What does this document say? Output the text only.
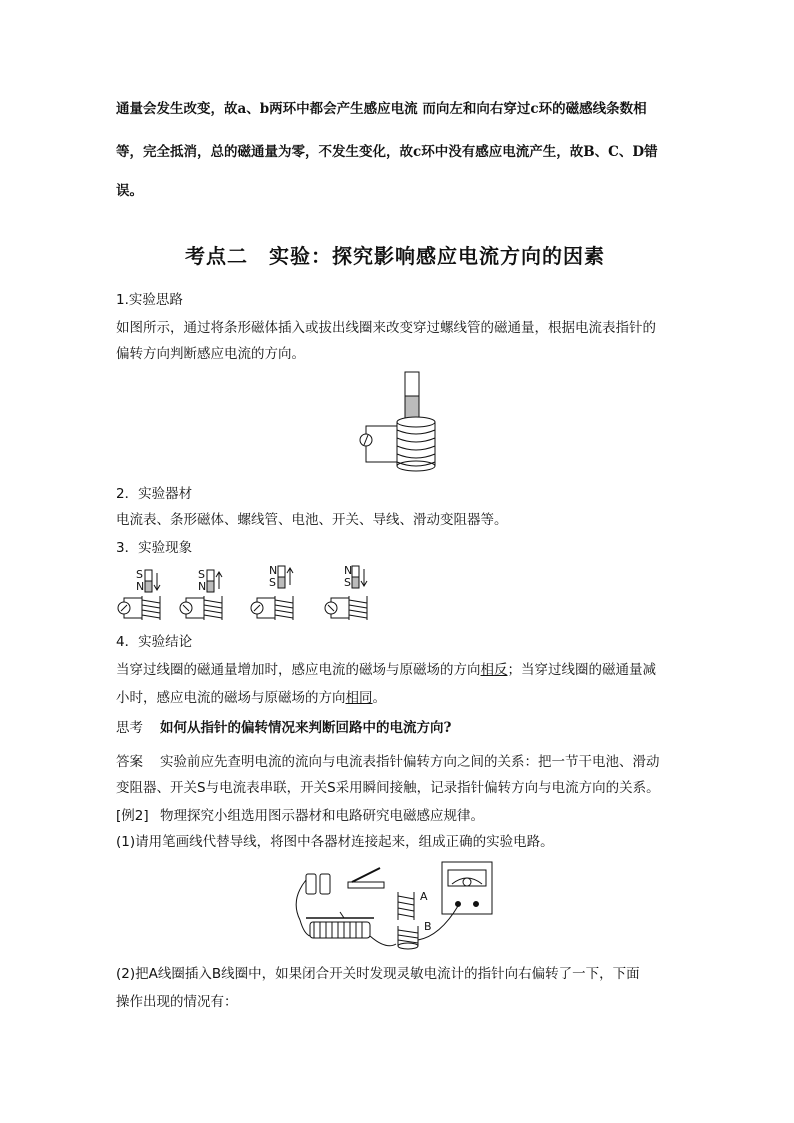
通量会发生改变，故a、b两环中都会产生感应电流 而向左和向右穿过c环的磁感线条数相
等，完全抵消，总的磁通量为零，不发生变化，故c环中没有感应电流产生，故B、C、D错
误。
考点二　实验：探究影响感应电流方向的因素
1.实验思路
如图所示，通过将条形磁体插入或拔出线圈来改变穿过螺线管的磁通量，根据电流表指针的
偏转方向判断感应电流的方向。
2．实验器材
电流表、条形磁体、螺线管、电池、开关、导线、滑动变阻器等。
3．实验现象
S
N
S
N
N
S
N
S
4．实验结论
当穿过线圈的磁通量增加时，感应电流的磁场与原磁场的方向相反；当穿过线圈的磁通量减
小时，感应电流的磁场与原磁场的方向相同。
思考 如何从指针的偏转情况来判断回路中的电流方向?
答案 实验前应先查明电流的流向与电流表指针偏转方向之间的关系：把一节干电池、滑动
变阻器、开关S与电流表串联，开关S采用瞬间接触，记录指针偏转方向与电流方向的关系。
[例2] 物理探究小组选用图示器材和电路研究电磁感应规律。
(1)请用笔画线代替导线，将图中各器材连接起来，组成正确的实验电路。
A
B
(2)把A线圈插入B线圈中，如果闭合开关时发现灵敏电流计的指针向右偏转了一下，下面
操作出现的情况有：
